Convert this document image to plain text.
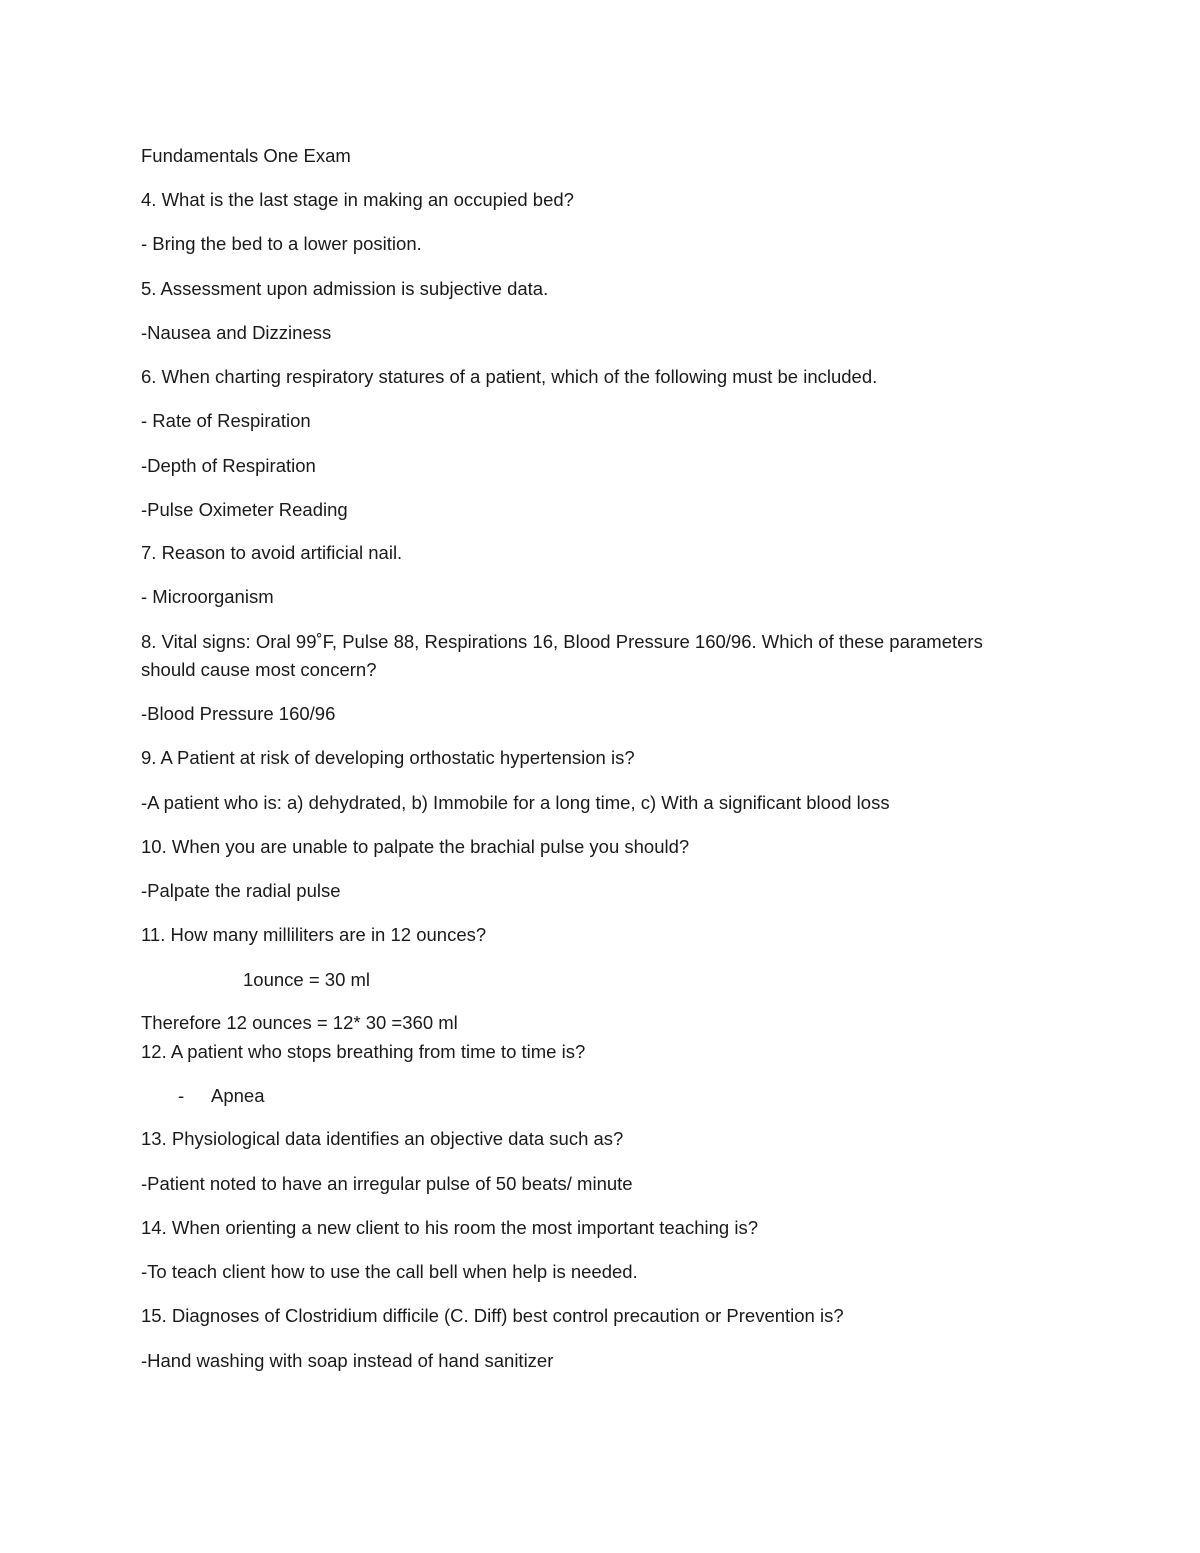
Fundamentals One Exam

4. What is the last stage in making an occupied bed?

- Bring the bed to a lower position.

5. Assessment upon admission is subjective data.

-Nausea and Dizziness

6. When charting respiratory statures of a patient, which of the following must be included.

- Rate of Respiration

-Depth of Respiration

-Pulse Oximeter Reading

7. Reason to avoid artificial nail.

- Microorganism

8. Vital signs: Oral 99˚F, Pulse 88, Respirations 16, Blood Pressure 160/96. Which of these parameters should cause most concern?

-Blood Pressure 160/96

9. A Patient at risk of developing orthostatic hypertension is?

-A patient who is: a) dehydrated, b) Immobile for a long time, c) With a significant blood loss

10. When you are unable to palpate the brachial pulse you should?

-Palpate the radial pulse

11. How many milliliters are in 12 ounces?

1ounce = 30 ml

Therefore 12 ounces = 12* 30 =360 ml

12. A patient who stops breathing from time to time is?

- Apnea

13. Physiological data identifies an objective data such as?

-Patient noted to have an irregular pulse of 50 beats/ minute

14. When orienting a new client to his room the most important teaching is?

-To teach client how to use the call bell when help is needed.

15. Diagnoses of Clostridium difficile (C. Diff) best control precaution or Prevention is?

-Hand washing with soap instead of hand sanitizer
